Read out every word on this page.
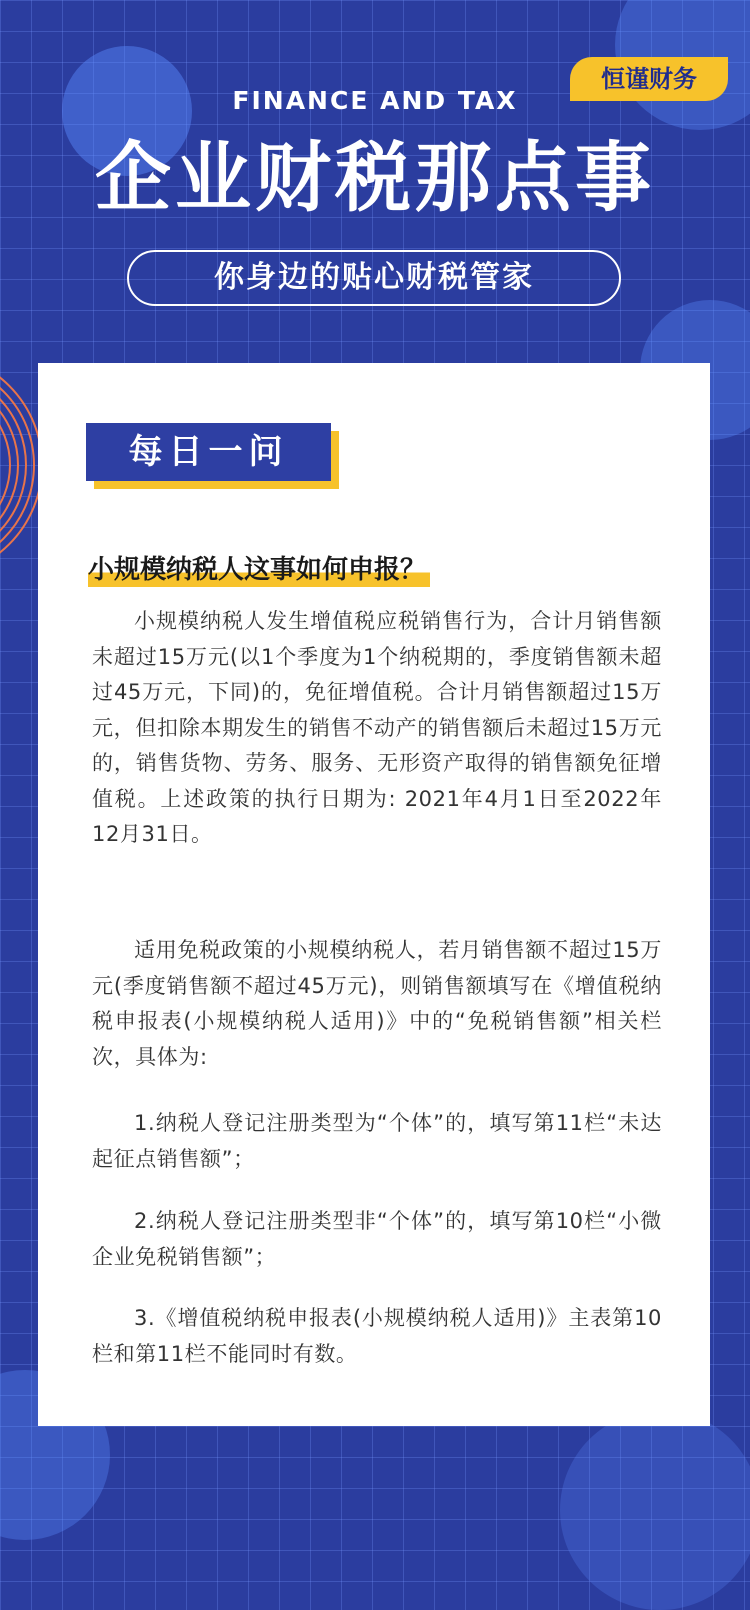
恒谨财务
FINANCE AND TAX
企业财税那点事
你身边的贴心财税管家
每日一问
小规模纳税人这事如何申报？

小规模纳税人发生增值税应税销售行为，合计月销售额未超过15万元(以1个季度为1个纳税期的，季度销售额未超过45万元，下同)的，免征增值税。合计月销售额超过15万元，但扣除本期发生的销售不动产的销售额后未超过15万元的，销售货物、劳务、服务、无形资产取得的销售额免征增值税。上述政策的执行日期为: 2021年4月1日至2022年12月31日。

适用免税政策的小规模纳税人，若月销售额不超过15万元(季度销售额不超过45万元)，则销售额填写在《增值税纳税申报表(小规模纳税人适用)》中的“免税销售额”相关栏次，具体为:

1.纳税人登记注册类型为“个体”的，填写第11栏“未达起征点销售额”；

2.纳税人登记注册类型非“个体”的，填写第10栏“小微企业免税销售额”；

3.《增值税纳税申报表(小规模纳税人适用)》主表第10栏和第11栏不能同时有数。
